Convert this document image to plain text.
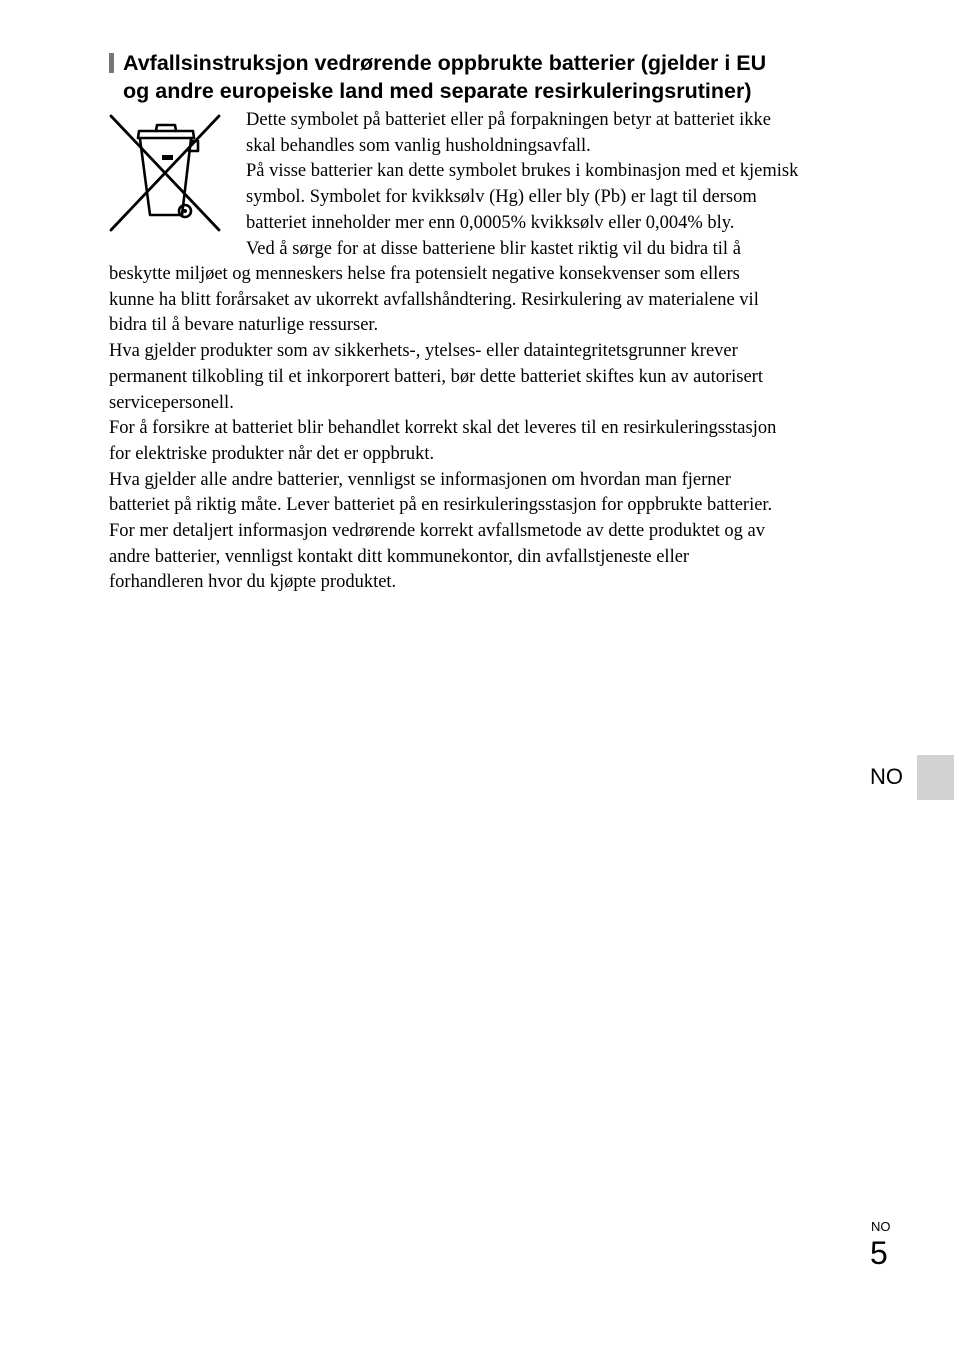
Avfallsinstruksjon vedrørende oppbrukte batterier (gjelder i EU
og andre europeiske land med separate resirkuleringsrutiner)
Dette symbolet på batteriet eller på forpakningen betyr at batteriet ikke
skal behandles som vanlig husholdningsavfall.
På visse batterier kan dette symbolet brukes i kombinasjon med et kjemisk
symbol. Symbolet for kvikksølv (Hg) eller bly (Pb) er lagt til dersom
batteriet inneholder mer enn 0,0005% kvikksølv eller 0,004% bly.
Ved å sørge for at disse batteriene blir kastet riktig vil du bidra til å
beskytte miljøet og menneskers helse fra potensielt negative konsekvenser som ellers
kunne ha blitt forårsaket av ukorrekt avfallshåndtering. Resirkulering av materialene vil
bidra til å bevare naturlige ressurser.
Hva gjelder produkter som av sikkerhets-, ytelses- eller dataintegritetsgrunner krever
permanent tilkobling til et inkorporert batteri, bør dette batteriet skiftes kun av autorisert
servicepersonell.
For å forsikre at batteriet blir behandlet korrekt skal det leveres til en resirkuleringsstasjon
for elektriske produkter når det er oppbrukt.
Hva gjelder alle andre batterier, vennligst se informasjonen om hvordan man fjerner
batteriet på riktig måte. Lever batteriet på en resirkuleringsstasjon for oppbrukte batterier.
For mer detaljert informasjon vedrørende korrekt avfallsmetode av dette produktet og av
andre batterier, vennligst kontakt ditt kommunekontor, din avfallstjeneste eller
forhandleren hvor du kjøpte produktet.
NO
NO
5
